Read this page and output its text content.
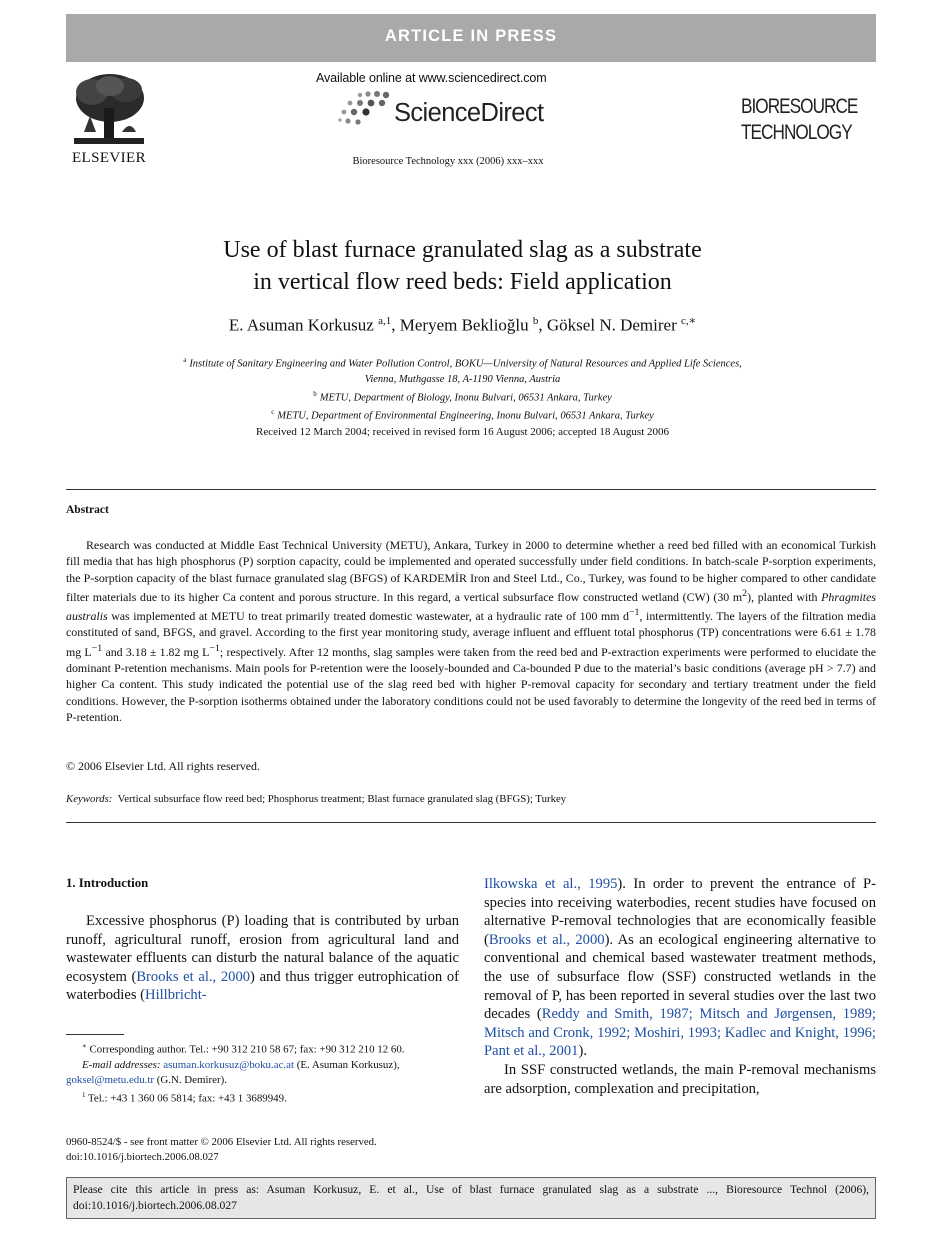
ARTICLE IN PRESS
ELSEVIER
Available online at www.sciencedirect.com
ScienceDirect
Bioresource Technology xxx (2006) xxx–xxx
BIORESOURCE
TECHNOLOGY
Use of blast furnace granulated slag as a substrate
in vertical flow reed beds: Field application
E. Asuman Korkusuz $^{a,1}$, Meryem Beklioğlu $^b$, Göksel N. Demirer $^{c,∗}$
$^a$ Institute of Sanitary Engineering and Water Pollution Control, BOKU—University of Natural Resources and Applied Life Sciences,
Vienna, Muthgasse 18, A-1190 Vienna, Austria
$^b$ METU, Department of Biology, Inonu Bulvari, 06531 Ankara, Turkey
$^c$ METU, Department of Environmental Engineering, Inonu Bulvari, 06531 Ankara, Turkey
Received 12 March 2004; received in revised form 16 August 2006; accepted 18 August 2006
Abstract

Research was conducted at Middle East Technical University (METU), Ankara, Turkey in 2000 to determine whether a reed bed filled with an economical Turkish fill media that has high phosphorus (P) sorption capacity, could be implemented and operated successfully under field conditions. In batch-scale P-sorption experiments, the P-sorption capacity of the blast furnace granulated slag (BFGS) of KARDEMİR Iron and Steel Ltd., Co., Turkey, was found to be higher compared to other candidate filter materials due to its higher Ca content and porous structure. In this regard, a vertical subsurface flow constructed wetland (CW) (30 $m^2$), planted with Phragmites australis was implemented at METU to treat primarily treated domestic wastewater, at a hydraulic rate of 100 mm $d^{-1}$, intermittently. The layers of the filtration media constituted of sand, BFGS, and gravel. According to the first year monitoring study, average influent and effluent total phosphorus (TP) concentrations were 6.61 ± 1.78 mg $L^{-1}$ and 3.18 ± 1.82 mg $L^{-1}$; respectively. After 12 months, slag samples were taken from the reed bed and P-extraction experiments were performed to elucidate the dominant P-retention mechanisms. Main pools for P-retention were the loosely-bounded and Ca-bounded P due to the material’s basic conditions (average pH > 7.7) and higher Ca content. This study indicated the potential use of the slag reed bed with higher P-removal capacity for secondary and tertiary treatment under the field conditions. However, the P-sorption isotherms obtained under the laboratory conditions could not be used favorably to determine the longevity of the reed bed in terms of P-retention.

© 2006 Elsevier Ltd. All rights reserved.
Keywords: Vertical subsurface flow reed bed; Phosphorus treatment; Blast furnace granulated slag (BFGS); Turkey
1. Introduction

Excessive phosphorus (P) loading that is contributed by urban runoff, agricultural runoff, erosion from agricultural land and wastewater effluents can disturb the natural balance of the aquatic ecosystem (Brooks et al., 2000) and thus trigger eutrophication of waterbodies (Hillbricht-

Ilkowska et al., 1995). In order to prevent the entrance of P-species into receiving waterbodies, recent studies have focused on alternative P-removal technologies that are economically feasible (Brooks et al., 2000). As an ecological engineering alternative to conventional and chemical based wastewater treatment methods, the use of subsurface flow (SSF) constructed wetlands in the removal of P, has been reported in several studies over the last two decades (Reddy and Smith, 1987; Mitsch and Jørgensen, 1989; Mitsch and Cronk, 1992; Moshiri, 1993; Kadlec and Knight, 1996; Pant et al., 2001).

In SSF constructed wetlands, the main P-removal mechanisms are adsorption, complexation and precipitation,

∗ Corresponding author. Tel.: +90 312 210 58 67; fax: +90 312 210 12 60.

E-mail addresses: asuman.korkusuz@boku.ac.at (E. Asuman Korkusuz), goksel@metu.edu.tr (G.N. Demirer).

$^1$ Tel.: +43 1 360 06 5814; fax: +43 1 3689949.

0960-8524/$ - see front matter © 2006 Elsevier Ltd. All rights reserved.
doi:10.1016/j.biortech.2006.08.027
Please cite this article in press as: Asuman Korkusuz, E. et al., Use of blast furnace granulated slag as a substrate ..., Bioresource Technol (2006), doi:10.1016/j.biortech.2006.08.027
